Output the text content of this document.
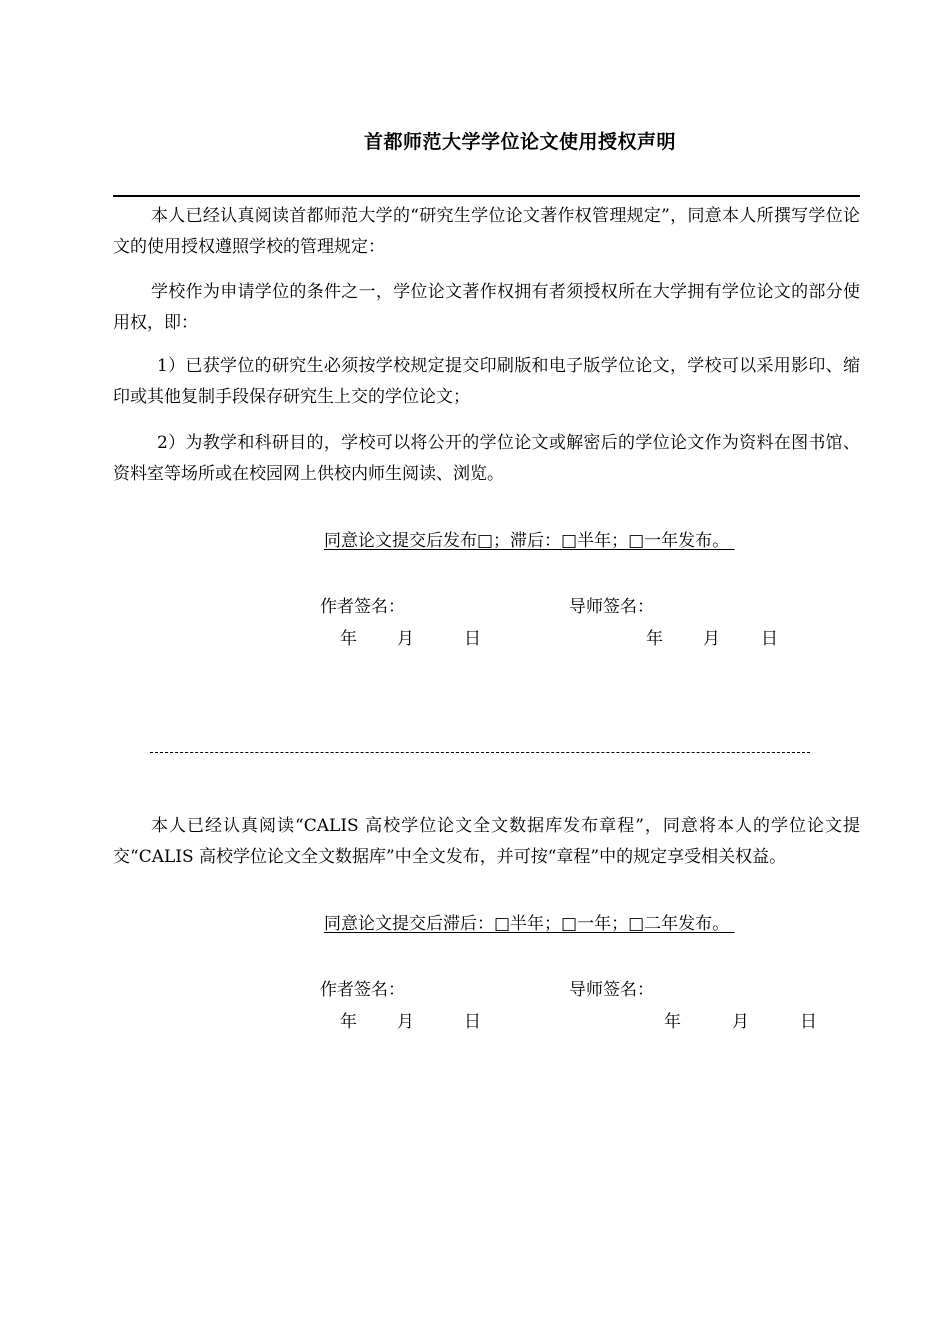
首都师范大学学位论文使用授权声明
本人已经认真阅读首都师范大学的“研究生学位论文著作权管理规定”，同意本人所撰写学位论文的使用授权遵照学校的管理规定：
学校作为申请学位的条件之一，学位论文著作权拥有者须授权所在大学拥有学位论文的部分使用权，即：
1）已获学位的研究生必须按学校规定提交印刷版和电子版学位论文，学校可以采用影印、缩印或其他复制手段保存研究生上交的学位论文；
2）为教学和科研目的，学校可以将公开的学位论文或解密后的学位论文作为资料在图书馆、资料室等场所或在校园网上供校内师生阅读、浏览。
同意论文提交后发布□；滞后：□半年；□一年发布。
作者签名：	导师签名：
年 月	日	年 月 日
本人已经认真阅读“CALIS 高校学位论文全文数据库发布章程”，同意将本人的学位论文提交“CALIS 高校学位论文全文数据库”中全文发布，并可按“章程”中的规定享受相关权益。
同意论文提交后滞后：□半年；□一年；□二年发布。
作者签名：	导师签名：
年 月	日	年	月	日
